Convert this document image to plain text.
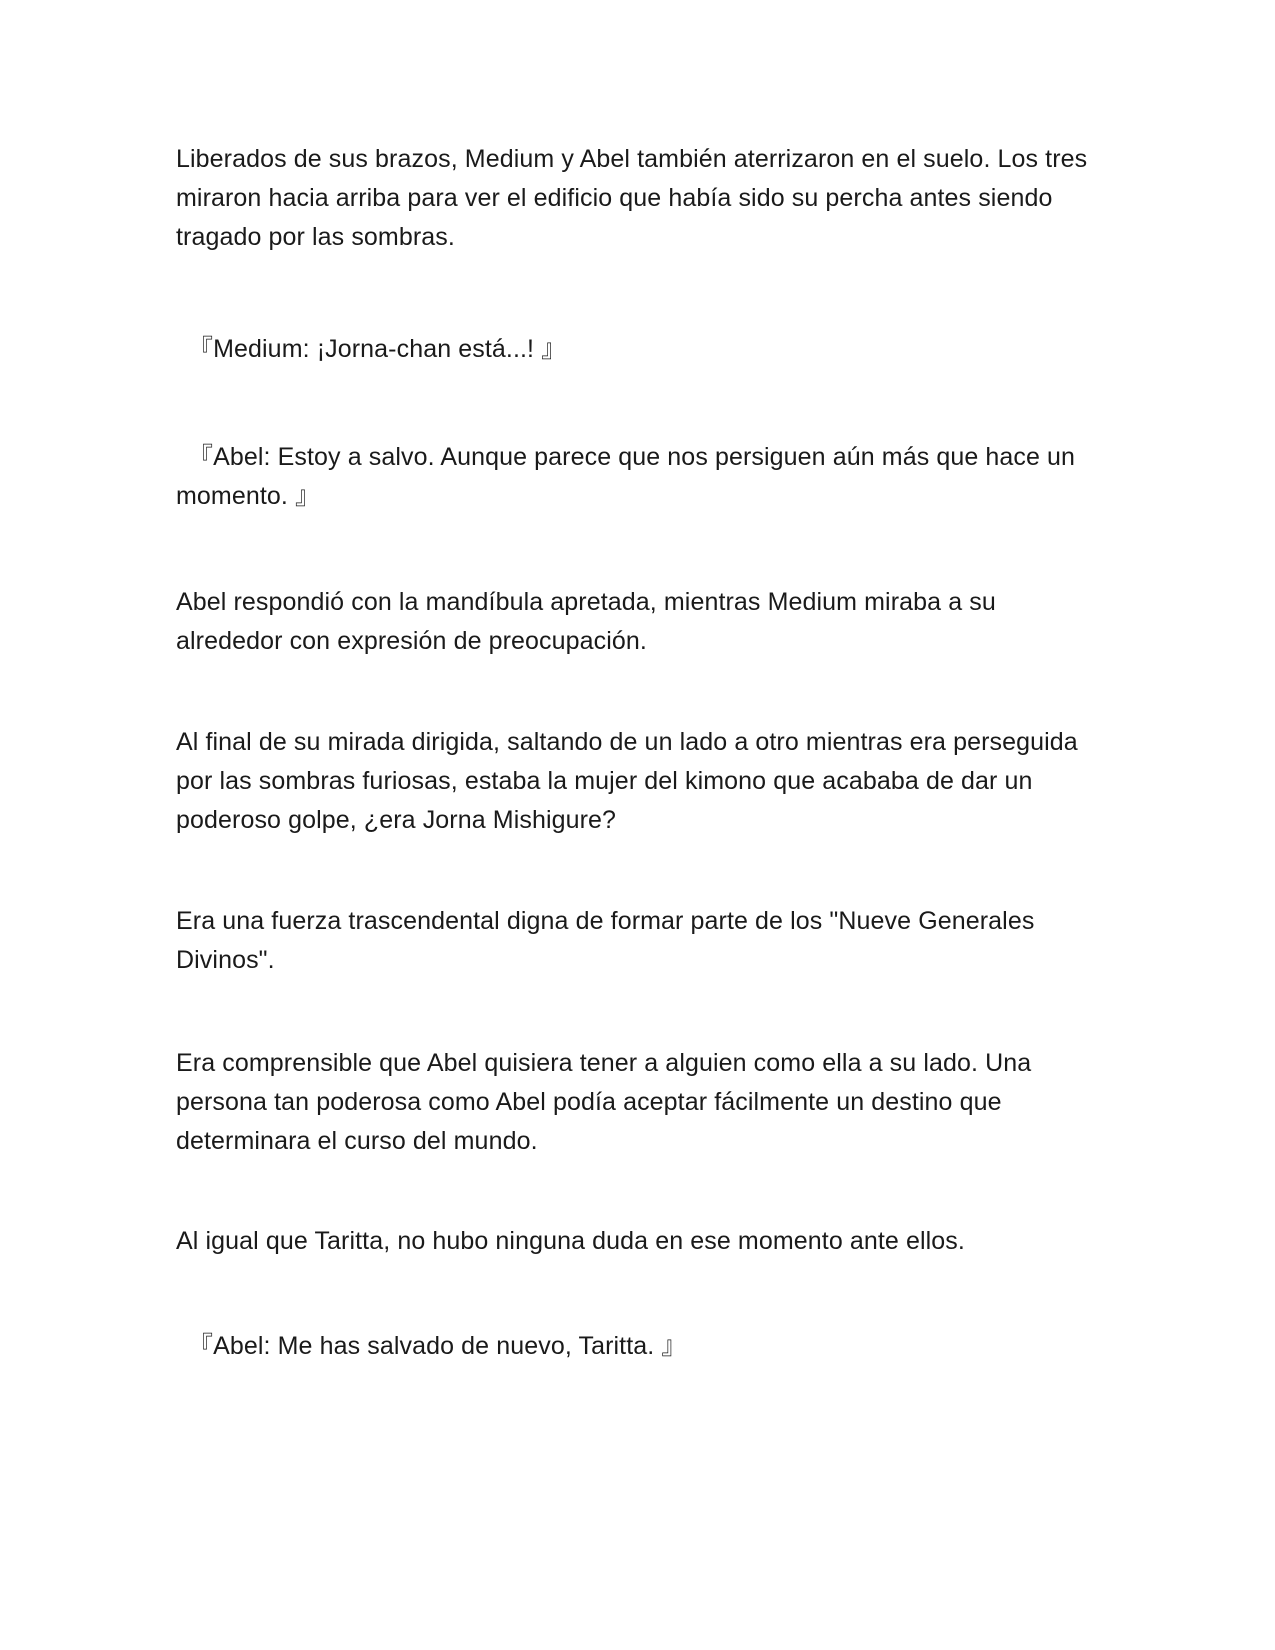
Liberados de sus brazos, Medium y Abel también aterrizaron en el suelo. Los tres miraron hacia arriba para ver el edificio que había sido su percha antes siendo tragado por las sombras.

『Medium: ¡Jorna-chan está...! 』

『Abel: Estoy a salvo. Aunque parece que nos persiguen aún más que hace un momento. 』

Abel respondió con la mandíbula apretada, mientras Medium miraba a su alrededor con expresión de preocupación.

Al final de su mirada dirigida, saltando de un lado a otro mientras era perseguida por las sombras furiosas, estaba la mujer del kimono que acababa de dar un poderoso golpe, ¿era Jorna Mishigure?

Era una fuerza trascendental digna de formar parte de los "Nueve Generales Divinos".

Era comprensible que Abel quisiera tener a alguien como ella a su lado. Una persona tan poderosa como Abel podía aceptar fácilmente un destino que determinara el curso del mundo.

Al igual que Taritta, no hubo ninguna duda en ese momento ante ellos.

『Abel: Me has salvado de nuevo, Taritta. 』
